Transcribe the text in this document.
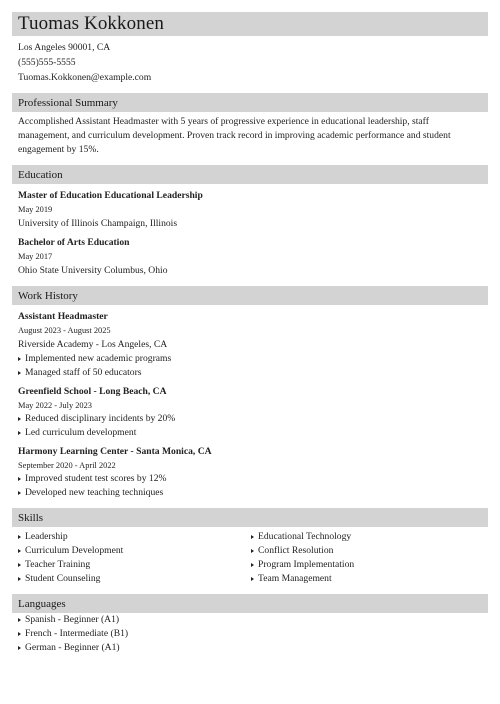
Tuomas Kokkonen
Los Angeles 90001, CA
(555)555-5555
Tuomas.Kokkonen@example.com
Professional Summary
Accomplished Assistant Headmaster with 5 years of progressive experience in educational leadership, staff management, and curriculum development. Proven track record in improving academic performance and student engagement by 15%.
Education
Master of Education Educational Leadership
May 2019
University of Illinois Champaign, Illinois
Bachelor of Arts Education
May 2017
Ohio State University Columbus, Ohio
Work History
Assistant Headmaster
August 2023 - August 2025
Riverside Academy - Los Angeles, CA
Implemented new academic programs
Managed staff of 50 educators
Greenfield School - Long Beach, CA
May 2022 - July 2023
Reduced disciplinary incidents by 20%
Led curriculum development
Harmony Learning Center - Santa Monica, CA
September 2020 - April 2022
Improved student test scores by 12%
Developed new teaching techniques
Skills
Leadership
Curriculum Development
Teacher Training
Student Counseling
Educational Technology
Conflict Resolution
Program Implementation
Team Management
Languages
Spanish - Beginner (A1)
French - Intermediate (B1)
German - Beginner (A1)
